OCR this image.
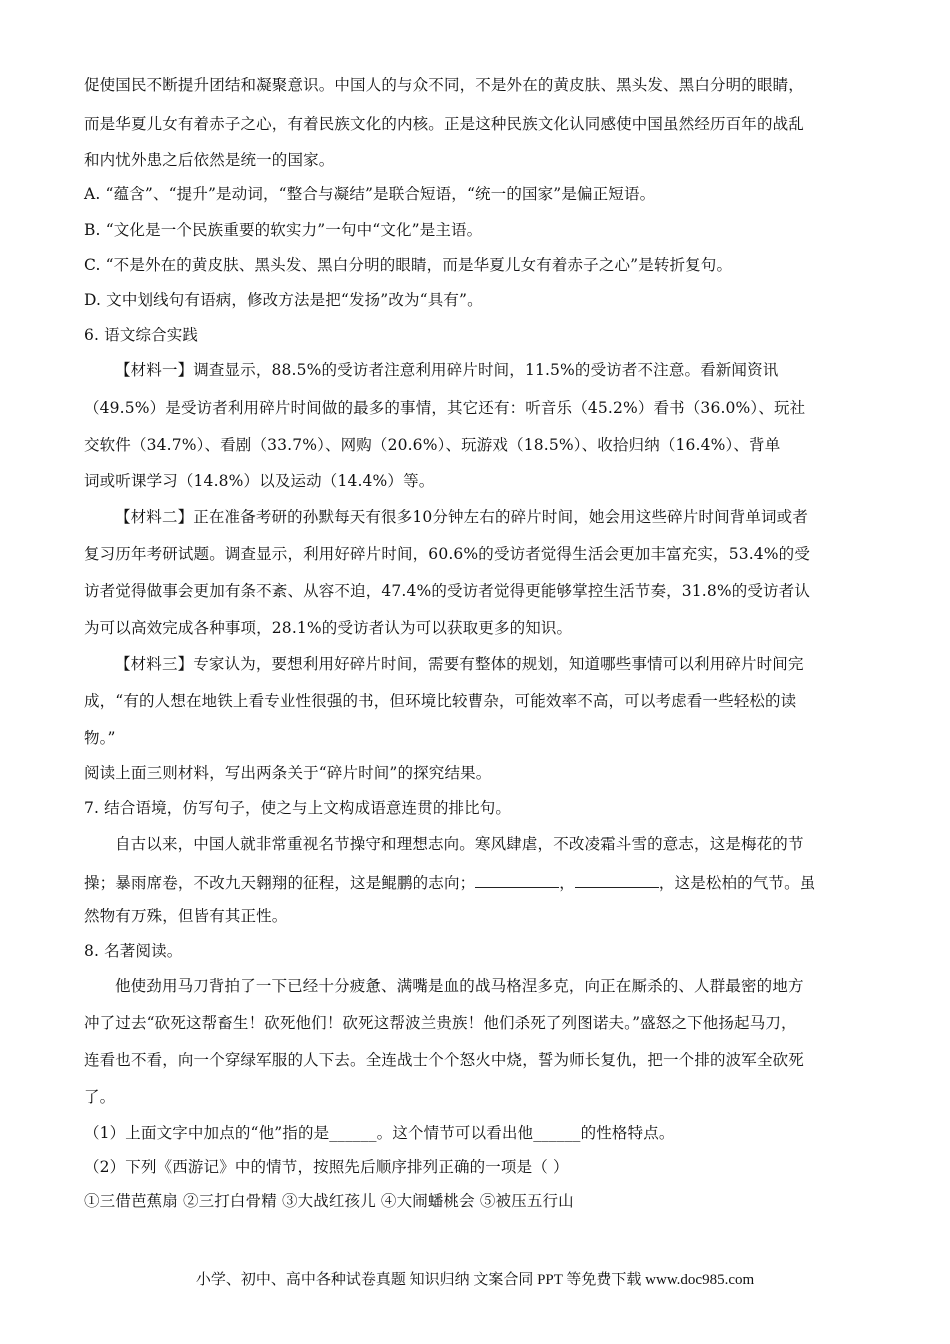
促使国民不断提升团结和凝聚意识。中国人的与众不同，不是外在的黄皮肤、黑头发、黑白分明的眼睛，
而是华夏儿女有着赤子之心，有着民族文化的内核。正是这种民族文化认同感使中国虽然经历百年的战乱
和内忧外患之后依然是统一的国家。
A. “蕴含”、“提升”是动词，“整合与凝结”是联合短语，“统一的国家”是偏正短语。
B. “文化是一个民族重要的软实力”一句中“文化”是主语。
C. “不是外在的黄皮肤、黑头发、黑白分明的眼睛，而是华夏儿女有着赤子之心”是转折复句。
D. 文中划线句有语病，修改方法是把“发扬”改为“具有”。
6. 语文综合实践
【材料一】调查显示，88.5%的受访者注意利用碎片时间，11.5%的受访者不注意。看新闻资讯
（49.5%）是受访者利用碎片时间做的最多的事情，其它还有：听音乐（45.2%）看书（36.0%）、玩社
交软件（34.7%）、看剧（33.7%）、网购（20.6%）、玩游戏（18.5%）、收拾归纳（16.4%）、背单
词或听课学习（14.8%）以及运动（14.4%）等。
【材料二】正在准备考研的孙默每天有很多10分钟左右的碎片时间，她会用这些碎片时间背单词或者
复习历年考研试题。调查显示，利用好碎片时间，60.6%的受访者觉得生活会更加丰富充实，53.4%的受
访者觉得做事会更加有条不紊、从容不迫，47.4%的受访者觉得更能够掌控生活节奏，31.8%的受访者认
为可以高效完成各种事项，28.1%的受访者认为可以获取更多的知识。
【材料三】专家认为，要想利用好碎片时间，需要有整体的规划，知道哪些事情可以利用碎片时间完
成，“有的人想在地铁上看专业性很强的书，但环境比较曹杂，可能效率不高，可以考虑看一些轻松的读
物。”
阅读上面三则材料，写出两条关于“碎片时间”的探究结果。
7. 结合语境，仿写句子，使之与上文构成语意连贯的排比句。
自古以来，中国人就非常重视名节操守和理想志向。寒风肆虐，不改凌霜斗雪的意志，这是梅花的节
操；暴雨席卷，不改九天翱翔的征程，这是鲲鹏的志向；	，	，这是松柏的气节。虽
然物有万殊，但皆有其正性。
8. 名著阅读。
他使劲用马刀背拍了一下已经十分疲惫、满嘴是血的战马格涅多克，向正在厮杀的、人群最密的地方
冲了过去“砍死这帮畜生！砍死他们！砍死这帮波兰贵族！他们杀死了列图诺夫。”盛怒之下他扬起马刀，
连看也不看，向一个穿绿军服的人下去。全连战士个个怒火中烧，誓为师长复仇，把一个排的波军全砍死
了。
（1）上面文字中加点的“他”指的是______。这个情节可以看出他______的性格特点。
（2）下列《西游记》中的情节，按照先后顺序排列正确的一项是（ ）
①三借芭蕉扇 ②三打白骨精 ③大战红孩儿 ④大闹蟠桃会 ⑤被压五行山
小学、初中、高中各种试卷真题 知识归纳 文案合同 PPT 等免费下载 www.doc985.com
